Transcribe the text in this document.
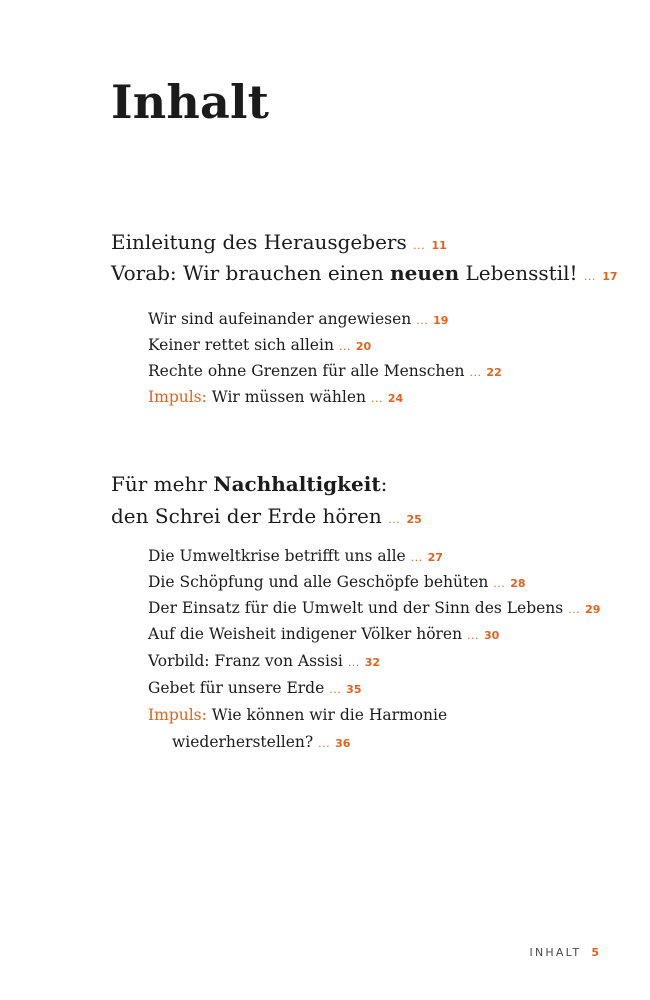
Inhalt
Einleitung des Herausgebers ... 11
Vorab: Wir brauchen einen neuen Lebensstil! ... 17
Wir sind aufeinander angewiesen ... 19
Keiner rettet sich allein ... 20
Rechte ohne Grenzen für alle Menschen ... 22
Impuls: Wir müssen wählen ... 24
Für mehr Nachhaltigkeit:
den Schrei der Erde hören ... 25
Die Umweltkrise betrifft uns alle ... 27
Die Schöpfung und alle Geschöpfe behüten ... 28
Der Einsatz für die Umwelt und der Sinn des Lebens ... 29
Auf die Weisheit indigener Völker hören ... 30
Vorbild: Franz von Assisi ... 32
Gebet für unsere Erde ... 35
Impuls: Wie können wir die Harmonie
wiederherstellen? ... 36
INHALT 5
